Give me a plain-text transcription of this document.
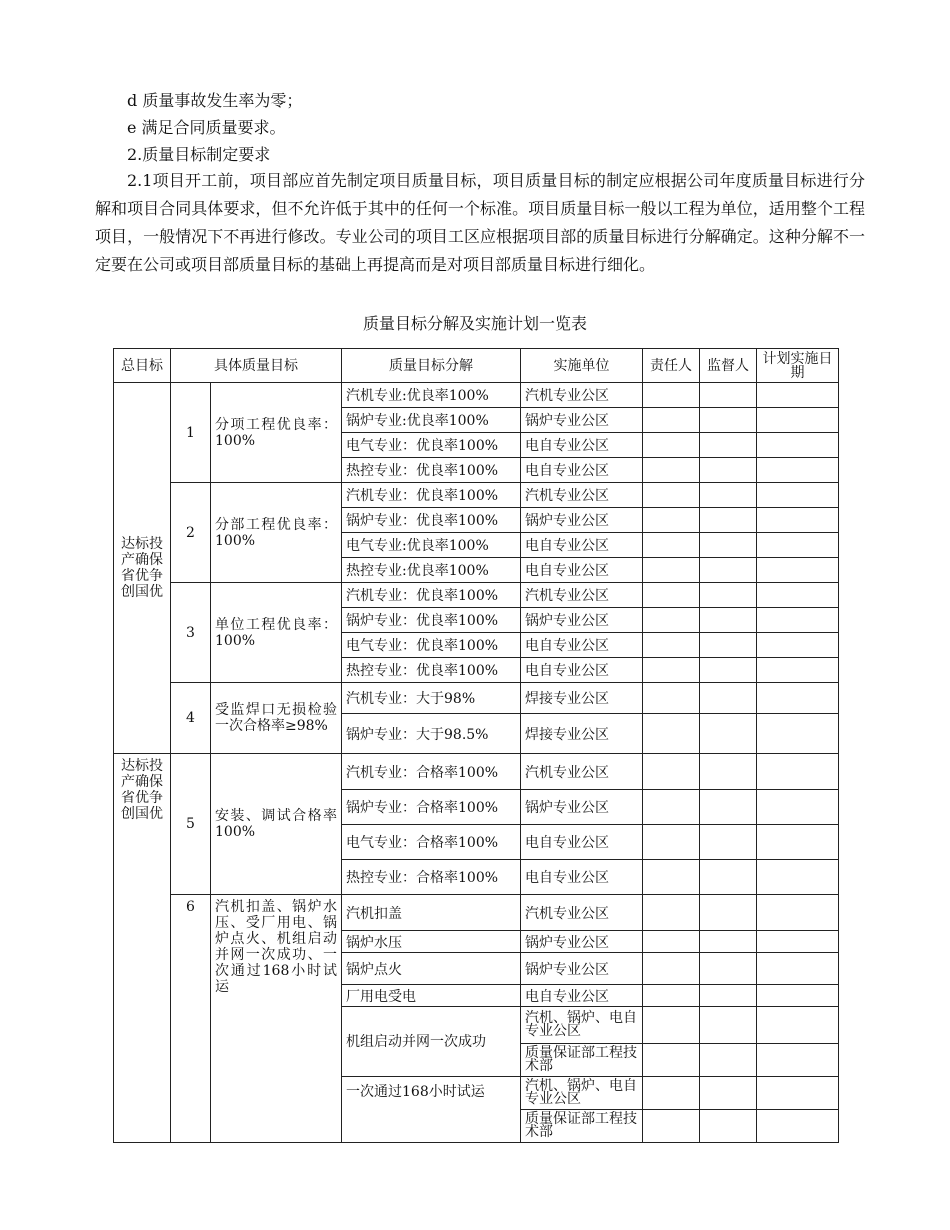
d 质量事故发生率为零；
e 满足合同质量要求。
2.质量目标制定要求
2.1项目开工前，项目部应首先制定项目质量目标，项目质量目标的制定应根据公司年度质量目标进行分解和项目合同具体要求，但不允许低于其中的任何一个标准。项目质量目标一般以工程为单位，适用整个工程项目，一般情况下不再进行修改。专业公司的项目工区应根据项目部的质量目标进行分解确定。这种分解不一定要在公司或项目部质量目标的基础上再提高而是对项目部质量目标进行细化。
质量目标分解及实施计划一览表
总目标	具体质量目标		质量目标分解	实施单位	责任人	监督人	计划实施日期
达标投产确保省优争创国优	1	分项工程优良率：100%	汽机专业:优良率100%	汽机专业公区			
			锅炉专业:优良率100%	锅炉专业公区			
			电气专业：优良率100%	电自专业公区			
			热控专业：优良率100%	电自专业公区			
	2	分部工程优良率：100%	汽机专业：优良率100%	汽机专业公区			
			锅炉专业：优良率100%	锅炉专业公区			
			电气专业:优良率100%	电自专业公区			
			热控专业:优良率100%	电自专业公区			
	3	单位工程优良率：100%	汽机专业：优良率100%	汽机专业公区			
			锅炉专业：优良率100%	锅炉专业公区			
			电气专业：优良率100%	电自专业公区			
			热控专业：优良率100%	电自专业公区			
	4	受监焊口无损检验一次合格率≥98%	汽机专业：大于98%	焊接专业公区			
			锅炉专业：大于98.5%	焊接专业公区			
达标投产确保省优争创国优	5	安装、调试合格率100%	汽机专业：合格率100%	汽机专业公区			
			锅炉专业：合格率100%	锅炉专业公区			
			电气专业：合格率100%	电自专业公区			
			热控专业：合格率100%	电自专业公区			
	6	汽机扣盖、锅炉水压、受厂用电、锅炉点火、机组启动并网一次成功、一次通过168小时试运	汽机扣盖	汽机专业公区			
			锅炉水压	锅炉专业公区			
			锅炉点火	锅炉专业公区			
			厂用电受电	电自专业公区			
			机组启动并网一次成功	汽机、锅炉、电自专业公区			
				质量保证部工程技术部			
			一次通过168小时试运	汽机、锅炉、电自专业公区			
				质量保证部工程技术部			
